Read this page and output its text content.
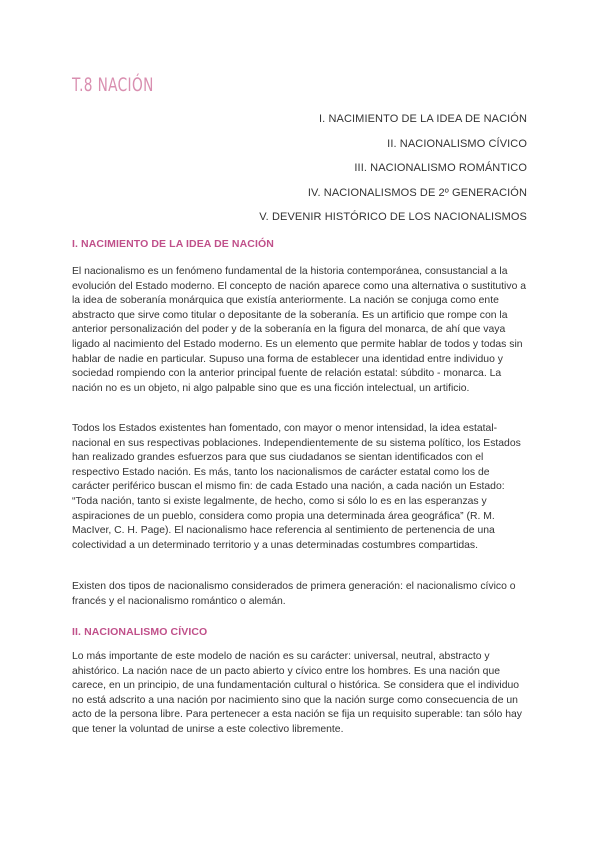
T.8 NACIÓN
I. NACIMIENTO DE LA IDEA DE NACIÓN
II. NACIONALISMO CÍVICO
III. NACIONALISMO ROMÁNTICO
IV. NACIONALISMOS DE 2º GENERACIÓN
V. DEVENIR HISTÓRICO DE LOS NACIONALISMOS
I. NACIMIENTO DE LA IDEA DE NACIÓN
El nacionalismo es un fenómeno fundamental de la historia contemporánea, consustancial a la evolución del Estado moderno. El concepto de nación aparece como una alternativa o sustitutivo a la idea de soberanía monárquica que existía anteriormente. La nación se conjuga como ente abstracto que sirve como titular o depositante de la soberanía. Es un artificio que rompe con la anterior personalización del poder y de la soberanía en la figura del monarca, de ahí que vaya ligado al nacimiento del Estado moderno. Es un elemento que permite hablar de todos y todas sin hablar de nadie en particular. Supuso una forma de establecer una identidad entre individuo y sociedad rompiendo con la anterior principal fuente de relación estatal: súbdito - monarca. La nación no es un objeto, ni algo palpable sino que es una ficción intelectual, un artificio.
Todos los Estados existentes han fomentado, con mayor o menor intensidad, la idea estatal-nacional en sus respectivas poblaciones. Independientemente de su sistema político, los Estados han realizado grandes esfuerzos para que sus ciudadanos se sientan identificados con el respectivo Estado nación. Es más, tanto los nacionalismos de carácter estatal como los de carácter periférico buscan el mismo fin: de cada Estado una nación, a cada nación un Estado: “Toda nación, tanto si existe legalmente, de hecho, como si sólo lo es en las esperanzas y aspiraciones de un pueblo, considera como propia una determinada área geográfica” (R. M. MacIver, C. H. Page). El nacionalismo hace referencia al sentimiento de pertenencia de una colectividad a un determinado territorio y a unas determinadas costumbres compartidas.
Existen dos tipos de nacionalismo considerados de primera generación: el nacionalismo cívico o francés y el nacionalismo romántico o alemán.
II. NACIONALISMO CÍVICO
Lo más importante de este modelo de nación es su carácter: universal, neutral, abstracto y ahistórico. La nación nace de un pacto abierto y cívico entre los hombres. Es una nación que carece, en un principio, de una fundamentación cultural o histórica. Se considera que el individuo no está adscrito a una nación por nacimiento sino que la nación surge como consecuencia de un acto de la persona libre. Para pertenecer a esta nación se fija un requisito superable: tan sólo hay que tener la voluntad de unirse a este colectivo libremente.
